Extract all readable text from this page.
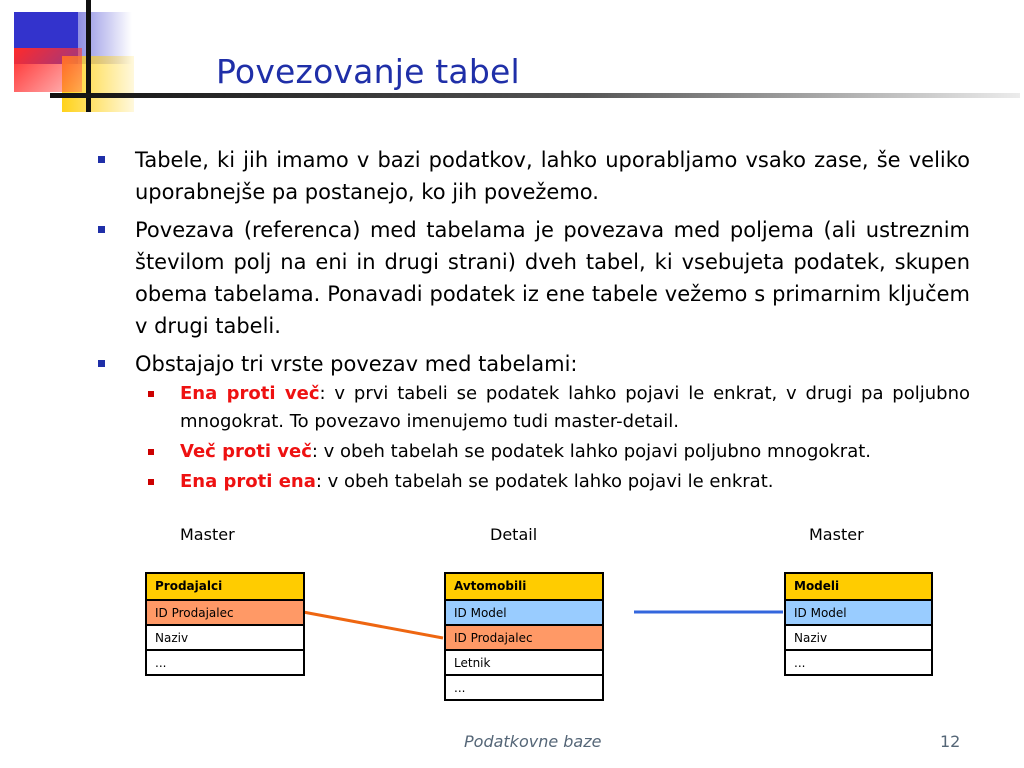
Povezovanje tabel
Tabele, ki jih imamo v bazi podatkov, lahko uporabljamo vsako zase, še veliko uporabnejše pa postanejo, ko jih povežemo.
Povezava (referenca) med tabelama je povezava med poljema (ali ustreznim številom polj na eni in drugi strani) dveh tabel, ki vsebujeta podatek, skupen obema tabelama. Ponavadi podatek iz ene tabele vežemo s primarnim ključem v drugi tabeli.
Obstajajo tri vrste povezav med tabelami:
Ena proti več: v prvi tabeli se podatek lahko pojavi le enkrat, v drugi pa poljubno mnogokrat. To povezavo imenujemo tudi master-detail.
Več proti več: v obeh tabelah se podatek lahko pojavi poljubno mnogokrat.
Ena proti ena: v obeh tabelah se podatek lahko pojavi le enkrat.
Master	Detail	Master
Prodajalci
ID Prodajalec
Naziv
...
Avtomobili
ID Model
ID Prodajalec
Letnik
...
Modeli
ID Model
Naziv
...
Podatkovne baze	12
